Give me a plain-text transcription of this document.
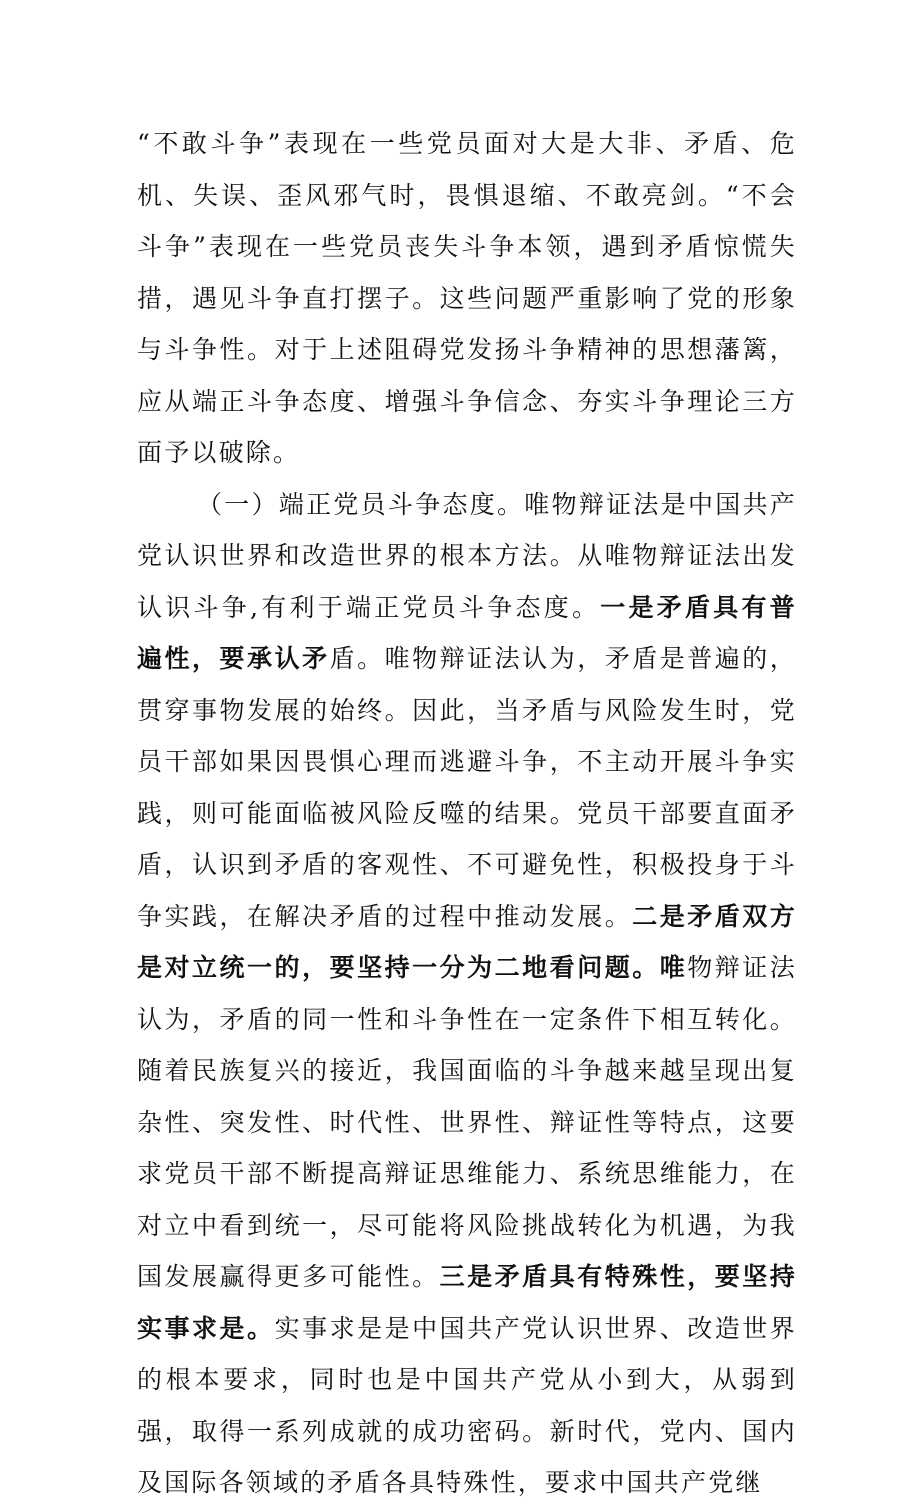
“不敢斗争”表现在一些党员面对大是大非、矛盾、危机、失误、歪风邪气时，畏惧退缩、不敢亮剑。“不会斗争”表现在一些党员丧失斗争本领，遇到矛盾惊慌失措，遇见斗争直打摆子。这些问题严重影响了党的形象与斗争性。对于上述阻碍党发扬斗争精神的思想藩篱，应从端正斗争态度、增强斗争信念、夯实斗争理论三方面予以破除。

（一）端正党员斗争态度。唯物辩证法是中国共产党认识世界和改造世界的根本方法。从唯物辩证法出发认识斗争,有利于端正党员斗争态度。一是矛盾具有普遍性，要承认矛盾。唯物辩证法认为，矛盾是普遍的，贯穿事物发展的始终。因此，当矛盾与风险发生时，党员干部如果因畏惧心理而逃避斗争，不主动开展斗争实践，则可能面临被风险反噬的结果。党员干部要直面矛盾，认识到矛盾的客观性、不可避免性，积极投身于斗争实践，在解决矛盾的过程中推动发展。二是矛盾双方是对立统一的，要坚持一分为二地看问题。唯物辩证法认为，矛盾的同一性和斗争性在一定条件下相互转化。随着民族复兴的接近，我国面临的斗争越来越呈现出复杂性、突发性、时代性、世界性、辩证性等特点，这要求党员干部不断提高辩证思维能力、系统思维能力，在对立中看到统一，尽可能将风险挑战转化为机遇，为我国发展赢得更多可能性。三是矛盾具有特殊性，要坚持实事求是。实事求是是中国共产党认识世界、改造世界的根本要求，同时也是中国共产党从小到大，从弱到强，取得一系列成就的成功密码。新时代，党内、国内及国际各领域的矛盾各具特殊性，要求中国共产党继
